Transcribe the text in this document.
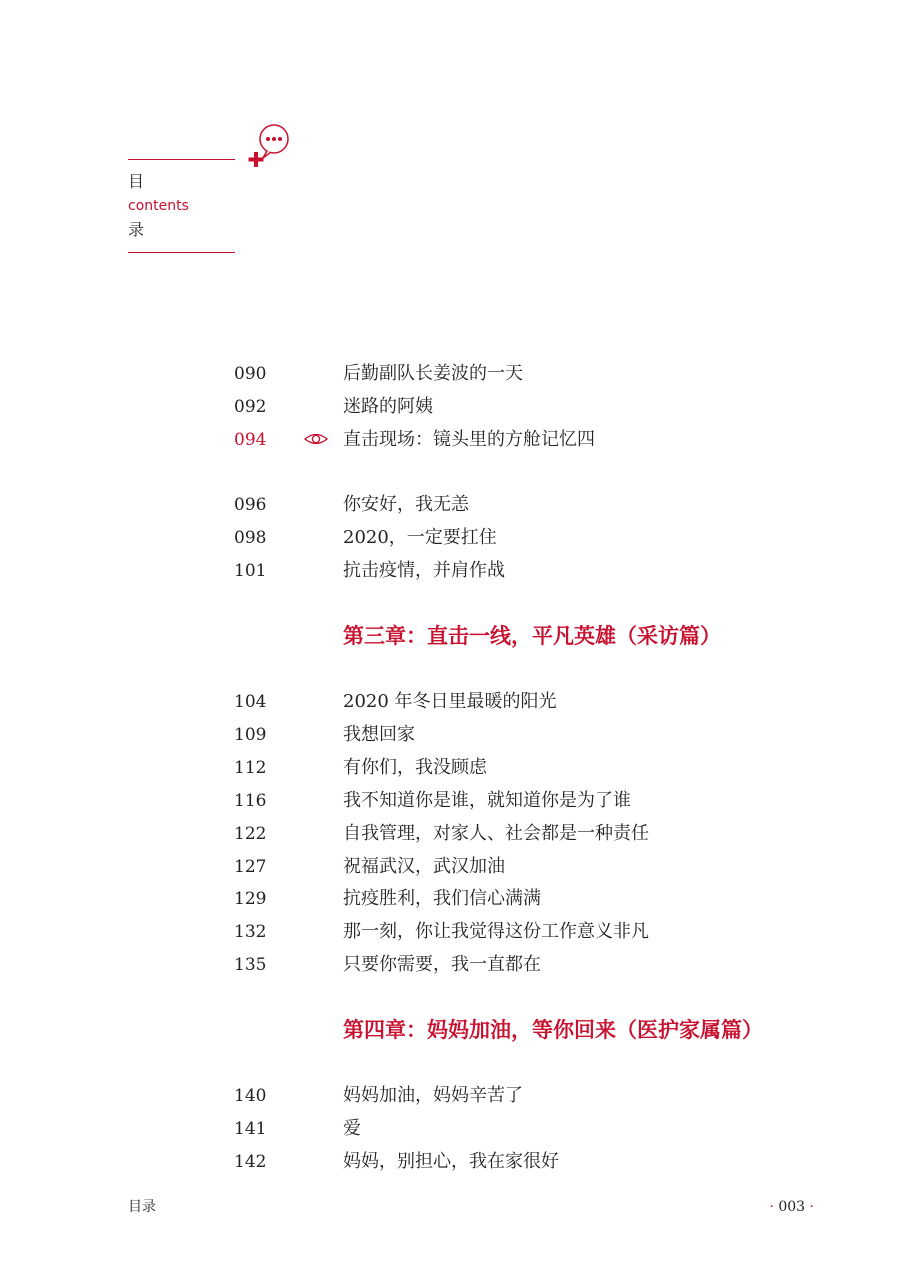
目
contents
录
090	后勤副队长姜波的一天
092	迷路的阿姨
094	直击现场：镜头里的方舱记忆四
096	你安好，我无恙
098	2020，一定要扛住
101	抗击疫情，并肩作战
第三章：直击一线，平凡英雄（采访篇）
104	2020 年冬日里最暖的阳光
109	我想回家
112	有你们，我没顾虑
116	我不知道你是谁，就知道你是为了谁
122	自我管理，对家人、社会都是一种责任
127	祝福武汉，武汉加油
129	抗疫胜利，我们信心满满
132	那一刻，你让我觉得这份工作意义非凡
135	只要你需要，我一直都在
第四章：妈妈加油，等你回来（医护家属篇）
140	妈妈加油，妈妈辛苦了
141	爱
142	妈妈，别担心，我在家很好
目录	· 003 ·
